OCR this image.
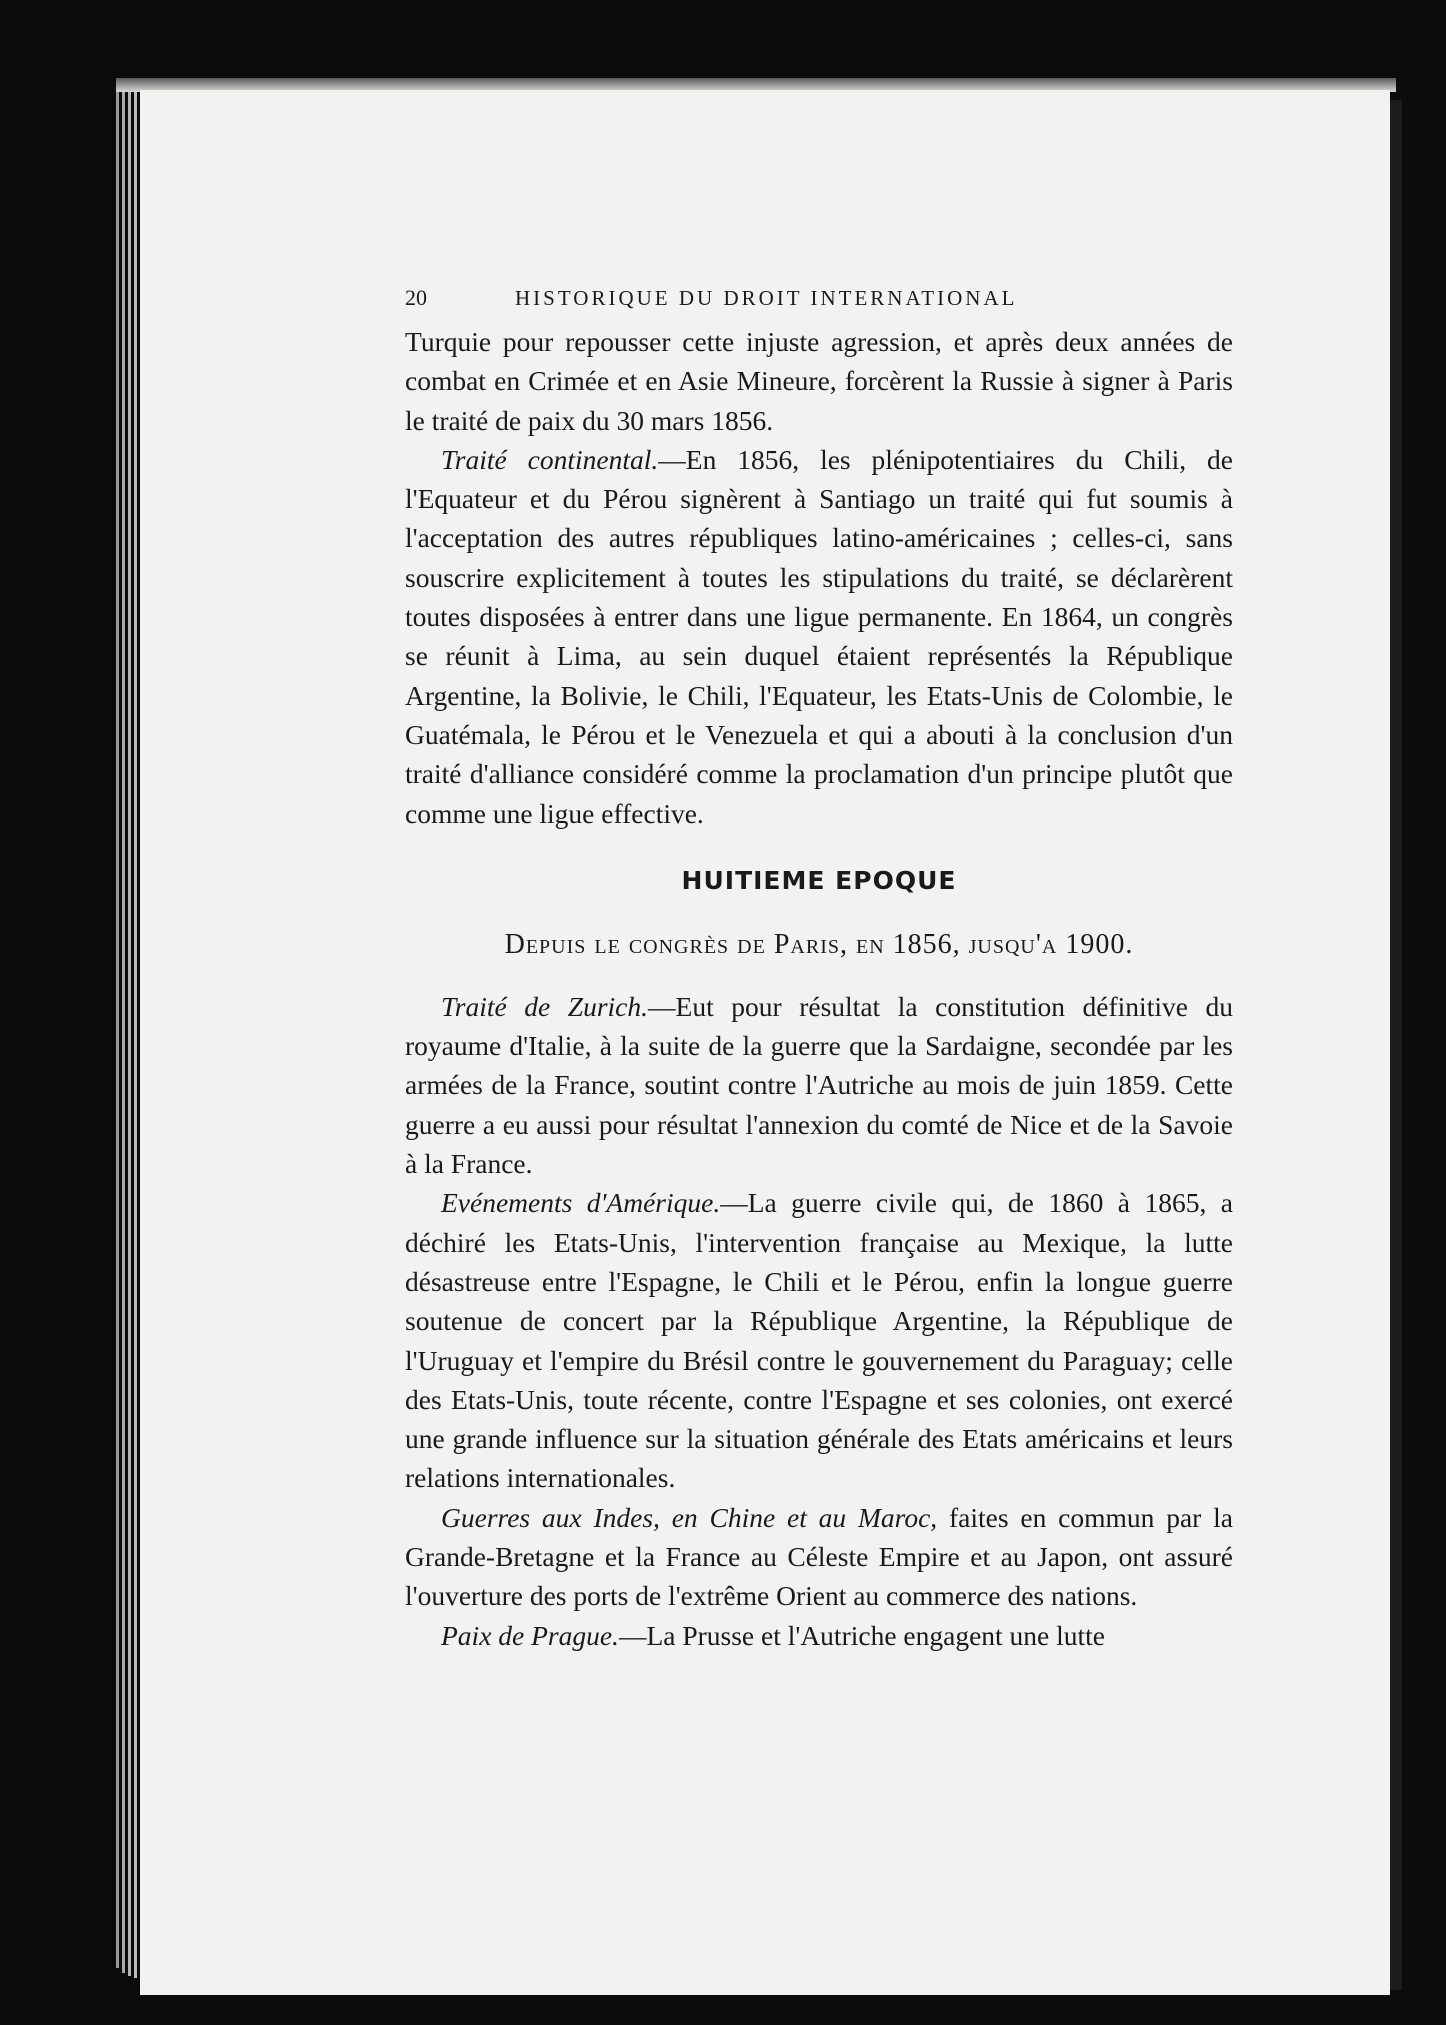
20	HISTORIQUE DU DROIT INTERNATIONAL

Turquie pour repousser cette injuste agression, et après deux années de combat en Crimée et en Asie Mineure, forcèrent la Russie à signer à Paris le traité de paix du 30 mars 1856.

Traité continental.—En 1856, les plénipotentiaires du Chili, de l'Equateur et du Pérou signèrent à Santiago un traité qui fut soumis à l'acceptation des autres républiques latino-américaines ; celles-ci, sans souscrire explicitement à toutes les stipulations du traité, se déclarèrent toutes disposées à entrer dans une ligue permanente. En 1864, un congrès se réunit à Lima, au sein duquel étaient représentés la République Argentine, la Bolivie, le Chili, l'Equateur, les Etats-Unis de Colombie, le Guatémala, le Pérou et le Venezuela et qui a abouti à la conclusion d'un traité d'alliance considéré comme la proclamation d'un principe plutôt que comme une ligue effective.

HUITIEME EPOQUE
Depuis le congrès de Paris, en 1856, jusqu'a 1900.

Traité de Zurich.—Eut pour résultat la constitution définitive du royaume d'Italie, à la suite de la guerre que la Sardaigne, secondée par les armées de la France, soutint contre l'Autriche au mois de juin 1859. Cette guerre a eu aussi pour résultat l'annexion du comté de Nice et de la Savoie à la France.

Evénements d'Amérique.—La guerre civile qui, de 1860 à 1865, a déchiré les Etats-Unis, l'intervention française au Mexique, la lutte désastreuse entre l'Espagne, le Chili et le Pérou, enfin la longue guerre soutenue de concert par la République Argentine, la République de l'Uruguay et l'empire du Brésil contre le gouvernement du Paraguay; celle des Etats-Unis, toute récente, contre l'Espagne et ses colonies, ont exercé une grande influence sur la situation générale des Etats américains et leurs relations internationales.

Guerres aux Indes, en Chine et au Maroc, faites en commun par la Grande-Bretagne et la France au Céleste Empire et au Japon, ont assuré l'ouverture des ports de l'extrême Orient au commerce des nations.

Paix de Prague.—La Prusse et l'Autriche engagent une lutte
